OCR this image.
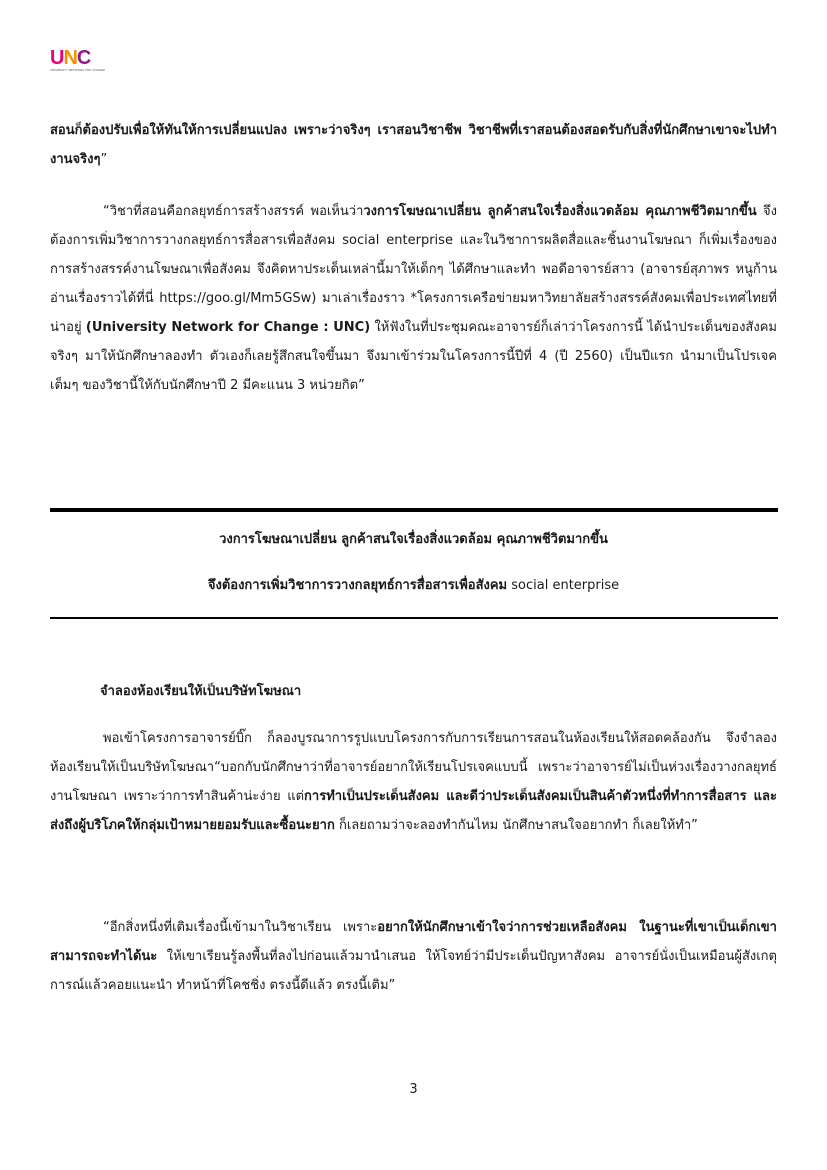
UNC
UNIVERSITY NETWORK FOR CHANGE
สอนก็ต้องปรับเพื่อให้ทันให้การเปลี่ยนแปลง เพราะว่าจริงๆ เราสอนวิชาชีพ วิชาชีพที่เราสอนต้องสอดรับกับสิ่งที่นักศึกษาเขาจะไปทำงานจริงๆ”
“วิชาที่สอนคือกลยุทธ์การสร้างสรรค์ พอเห็นว่าวงการโฆษณาเปลี่ยน ลูกค้าสนใจเรื่องสิ่งแวดล้อม คุณภาพชีวิตมากขึ้น จึงต้องการเพิ่มวิชาการวางกลยุทธ์การสื่อสารเพื่อสังคม social enterprise และในวิชาการผลิตสื่อและชิ้นงานโฆษณา ก็เพิ่มเรื่องของการสร้างสรรค์งานโฆษณาเพื่อสังคม จึงคิดหาประเด็นเหล่านี้มาให้เด็กๆ ได้ศึกษาและทำ พอดีอาจารย์สาว (อาจารย์สุภาพร หนูก้าน อ่านเรื่องราวได้ที่นี่ https://goo.gl/Mm5GSw) มาเล่าเรื่องราว *โครงการเครือข่ายมหาวิทยาลัยสร้างสรรค์สังคมเพื่อประเทศไทยที่น่าอยู่ (University Network for Change : UNC) ให้ฟังในที่ประชุมคณะอาจารย์ก็เล่าว่าโครงการนี้ ได้นำประเด็นของสังคมจริงๆ มาให้นักศึกษาลองทำ ตัวเองก็เลยรู้สึกสนใจขึ้นมา จึงมาเข้าร่วมในโครงการนี้ปีที่ 4 (ปี 2560) เป็นปีแรก นำมาเป็นโปรเจคเต็มๆ ของวิชานี้ให้กับนักศึกษาปี 2 มีคะแนน 3 หน่วยกิต”
วงการโฆษณาเปลี่ยน ลูกค้าสนใจเรื่องสิ่งแวดล้อม คุณภาพชีวิตมากขึ้น
จึงต้องการเพิ่มวิชาการวางกลยุทธ์การสื่อสารเพื่อสังคม social enterprise
จำลองห้องเรียนให้เป็นบริษัทโฆษณา
พอเข้าโครงการอาจารย์บิ๊ก ก็ลองบูรณาการรูปแบบโครงการกับการเรียนการสอนในห้องเรียนให้สอดคล้องกัน จึงจำลองห้องเรียนให้เป็นบริษัทโฆษณา“บอกกับนักศึกษาว่าที่อาจารย์อยากให้เรียนโปรเจคแบบนี้ เพราะว่าอาจารย์ไม่เป็นห่วงเรื่องวางกลยุทธ์งานโฆษณา เพราะว่าการทำสินค้าน่ะง่าย แต่การทำเป็นประเด็นสังคม และดีว่าประเด็นสังคมเป็นสินค้าตัวหนึ่งที่ทำการสื่อสาร และส่งถึงผู้บริโภคให้กลุ่มเป้าหมายยอมรับและซื้อนะยาก ก็เลยถามว่าจะลองทำกันไหม นักศึกษาสนใจอยากทำ ก็เลยให้ทำ”
“อีกสิ่งหนึ่งที่เติมเรื่องนี้เข้ามาในวิชาเรียน เพราะอยากให้นักศึกษาเข้าใจว่าการช่วยเหลือสังคม ในฐานะที่เขาเป็นเด็กเขาสามารถจะทำได้นะ ให้เขาเรียนรู้ลงพื้นที่ลงไปก่อนแล้วมานำเสนอ ให้โจทย์ว่ามีประเด็นปัญหาสังคม อาจารย์นั่งเป็นเหมือนผู้สังเกตุการณ์แล้วคอยแนะนำ ทำหน้าที่โคชชิ่ง ตรงนี้ดีแล้ว ตรงนี้เติม”
3
